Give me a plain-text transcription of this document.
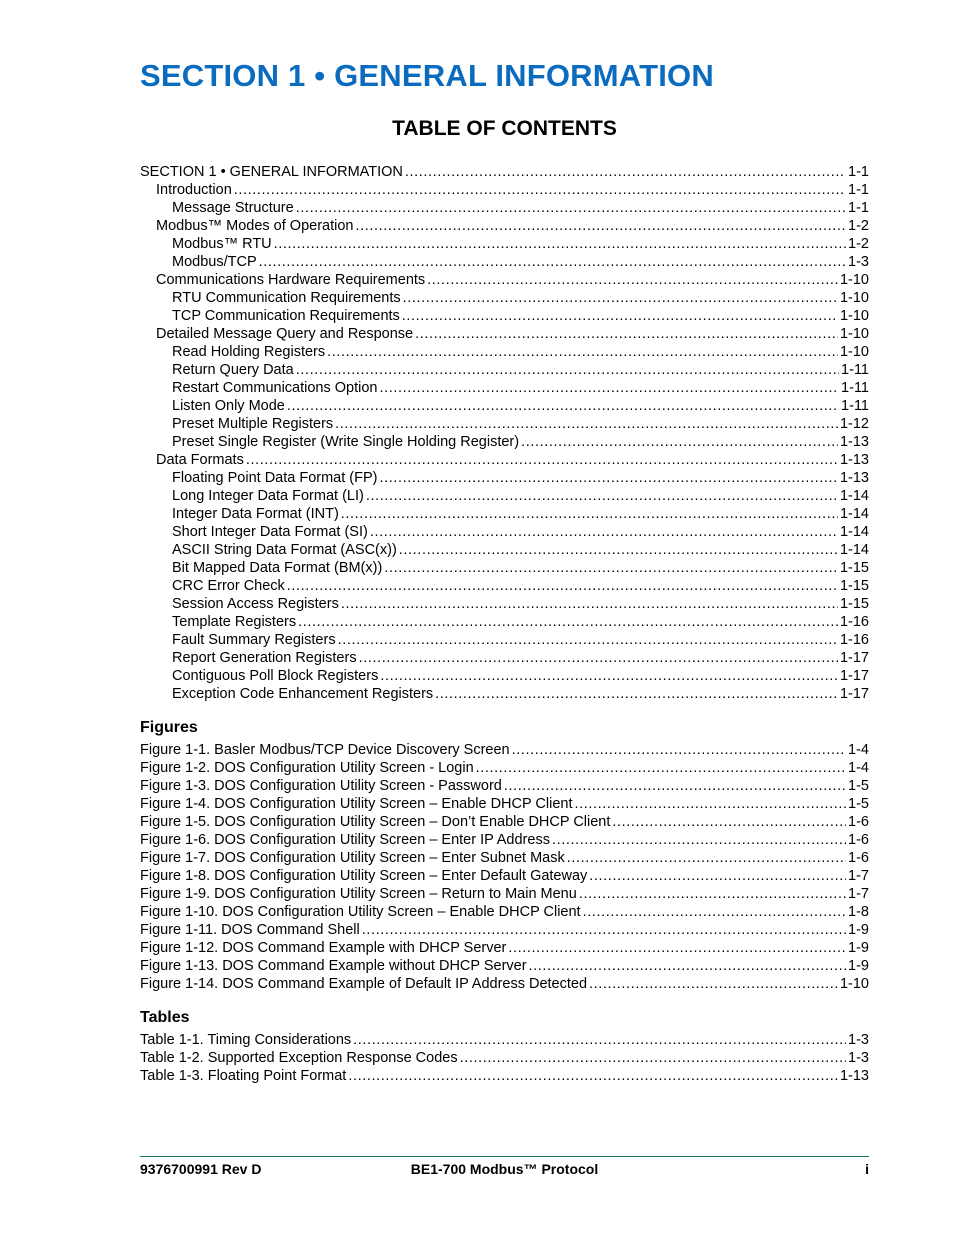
SECTION 1 • GENERAL INFORMATION
TABLE OF CONTENTS
SECTION 1 • GENERAL INFORMATION .....	1-1
Introduction .....	1-1
Message Structure .....	1-1
Modbus™ Modes of Operation .....	1-2
Modbus™ RTU .....	1-2
Modbus/TCP .....	1-3
Communications Hardware Requirements .....	1-10
RTU Communication Requirements .....	1-10
TCP Communication Requirements .....	1-10
Detailed Message Query and Response .....	1-10
Read Holding Registers .....	1-10
Return Query Data .....	1-11
Restart Communications Option .....	1-11
Listen Only Mode .....	1-11
Preset Multiple Registers .....	1-12
Preset Single Register (Write Single Holding Register) .....	1-13
Data Formats .....	1-13
Floating Point Data Format (FP) .....	1-13
Long Integer Data Format (LI) .....	1-14
Integer Data Format (INT) .....	1-14
Short Integer Data Format (SI) .....	1-14
ASCII String Data Format (ASC(x)) .....	1-14
Bit Mapped Data Format (BM(x)) .....	1-15
CRC Error Check .....	1-15
Session Access Registers .....	1-15
Template Registers .....	1-16
Fault Summary Registers .....	1-16
Report Generation Registers .....	1-17
Contiguous Poll Block Registers .....	1-17
Exception Code Enhancement Registers .....	1-17
Figures
Figure 1-1. Basler Modbus/TCP Device Discovery Screen .....	1-4
Figure 1-2. DOS Configuration Utility Screen - Login .....	1-4
Figure 1-3. DOS Configuration Utility Screen - Password .....	1-5
Figure 1-4. DOS Configuration Utility Screen – Enable DHCP Client .....	1-5
Figure 1-5. DOS Configuration Utility Screen – Don’t Enable DHCP Client .....	1-6
Figure 1-6. DOS Configuration Utility Screen – Enter IP Address .....	1-6
Figure 1-7. DOS Configuration Utility Screen – Enter Subnet Mask .....	1-6
Figure 1-8. DOS Configuration Utility Screen – Enter Default Gateway .....	1-7
Figure 1-9. DOS Configuration Utility Screen – Return to Main Menu .....	1-7
Figure 1-10. DOS Configuration Utility Screen – Enable DHCP Client .....	1-8
Figure 1-11. DOS Command Shell .....	1-9
Figure 1-12. DOS Command Example with DHCP Server .....	1-9
Figure 1-13. DOS Command Example without DHCP Server .....	1-9
Figure 1-14. DOS Command Example of Default IP Address Detected .....	1-10
Tables
Table 1-1. Timing Considerations .....	1-3
Table 1-2. Supported Exception Response Codes .....	1-3
Table 1-3. Floating Point Format .....	1-13
9376700991 Rev D	BE1-700 Modbus™ Protocol	i
